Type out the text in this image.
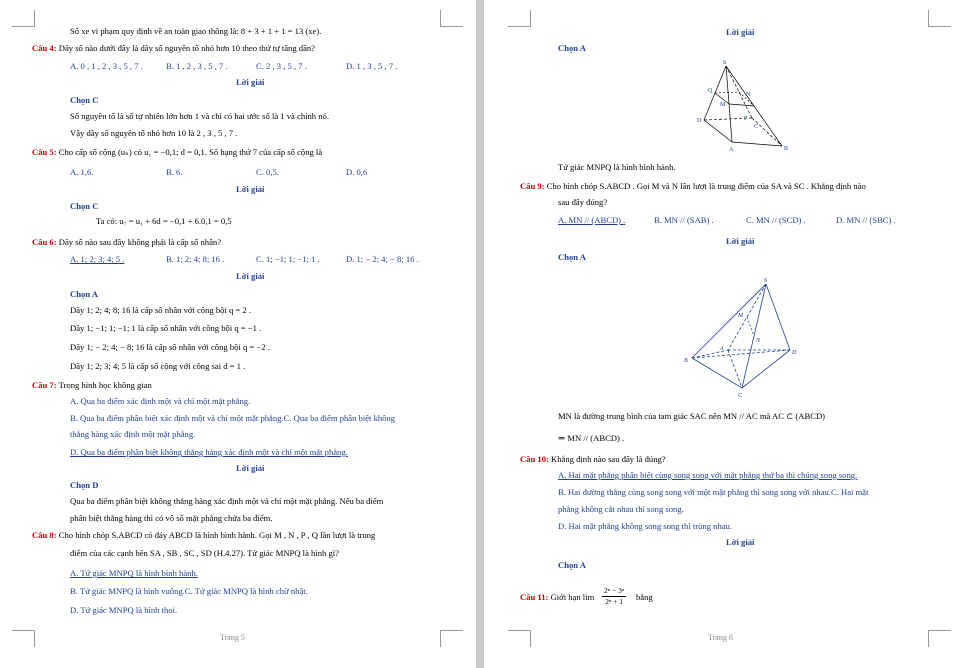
Số xe vi phạm quy định về an toàn giao thông là: 8 + 3 + 1 + 1 = 13 (xe).
Câu 4: Dãy số nào dưới đây là dãy số nguyên tố nhỏ hơn 10 theo thứ tự tăng dần?
A. 0 , 1 , 2 , 3 , 5 , 7 .	B. 1 , 2 , 3 , 5 , 7 .	C. 2 , 3 , 5 , 7 .	D. 1 , 3 , 5 , 7 .
Lời giải
Chọn C
Số nguyên tố là số tự nhiên lớn hơn 1 và chỉ có hai ước số là 1 và chính nó.
Vậy dãy số nguyên tố nhỏ hơn 10 là 2 , 3 , 5 , 7 .
Câu 5: Cho cấp số cộng (uₙ) có u₁ = −0,1; d = 0,1. Số hạng thứ 7 của cấp số cộng là
A. 1,6.	B. 6.	C. 0,5.	D. 0,6
Lời giải
Chọn C
Ta có: u₇ = u₁ + 6d = −0,1 + 6.0,1 = 0,5
Câu 6: Dãy số nào sau đây không phải là cấp số nhân?
A. 1; 2; 3; 4; 5 .	B. 1; 2; 4; 8; 16 .	C. 1; −1; 1; −1; 1 .	D. 1; − 2; 4; − 8; 16 .
Lời giải
Chọn A
Dãy 1; 2; 4; 8; 16 là cấp số nhân với công bội q = 2 .
Dãy 1; −1; 1; −1; 1 là cấp số nhân với công bội q = −1 .
Dãy 1; − 2; 4; − 8; 16 là cấp số nhân với công bội q = −2 .
Dãy 1; 2; 3; 4; 5 là cấp số cộng với công sai d = 1 .
Câu 7: Trong hình học không gian
A. Qua ba điểm xác định một và chỉ một mặt phẳng.
B. Qua ba điểm phân biệt xác định một và chỉ một mặt phẳng.C. Qua ba điểm phân biệt không
thẳng hàng xác định một mặt phẳng.
D. Qua ba điểm phân biệt không thẳng hàng xác định một và chỉ một mặt phẳng.
Lời giải
Chọn D
Qua ba điểm phân biệt không thẳng hàng xác định một và chỉ một mặt phẳng. Nếu ba điểm
phân biệt thẳng hàng thì có vô số mặt phẳng chứa ba điểm.
Câu 8: Cho hình chóp S.ABCD có đáy ABCD là hình bình hành. Gọi M , N , P , Q lần lượt là trung
điểm của các cạnh bên SA , SB , SC , SD (H.4.27). Tứ giác MNPQ là hình gì?
A. Tứ giác MNPQ là hình bình hành.
B. Tứ giác MNPQ là hình vuông.C. Tứ giác MNPQ là hình chữ nhật.
D. Tứ giác MNPQ là hình thoi.
Trang 5
Lời giải
Chọn A
S
Q
N
M
P
D
C
A	B
Tứ giác MNPQ là hình bình hành.
Câu 9: Cho hình chóp S.ABCD . Gọi M và N lần lượt là trung điểm của SA và SC . Khẳng định nào
sau đây đúng?
A. MN // (ABCD) .	B. MN // (SAB) .	C. MN // (SCD) .	D. MN // (SBC) .
Lời giải
Chọn A
S
M
N
A
B
D
C
MN là đường trung bình của tam giác SAC nên MN // AC mà AC ⊂ (ABCD)
⇒ MN // (ABCD) .
Câu 10: Khẳng định nào sau đây là đúng?
A. Hai mặt phẳng phân biệt cùng song song với mặt phẳng thứ ba thì chúng song song.
B. Hai đường thẳng cùng song song với một mặt phẳng thì song song với nhau.C. Hai mặt
phẳng không cắt nhau thì song song.
D. Hai mặt phẳng không song song thì trùng nhau.
Lời giải
Chọn A
Câu 11: Giới hạn $\lim \frac{\text{2ⁿ − 3ⁿ}}{\text{2ⁿ + 1}}$ bằng
Trang 6
